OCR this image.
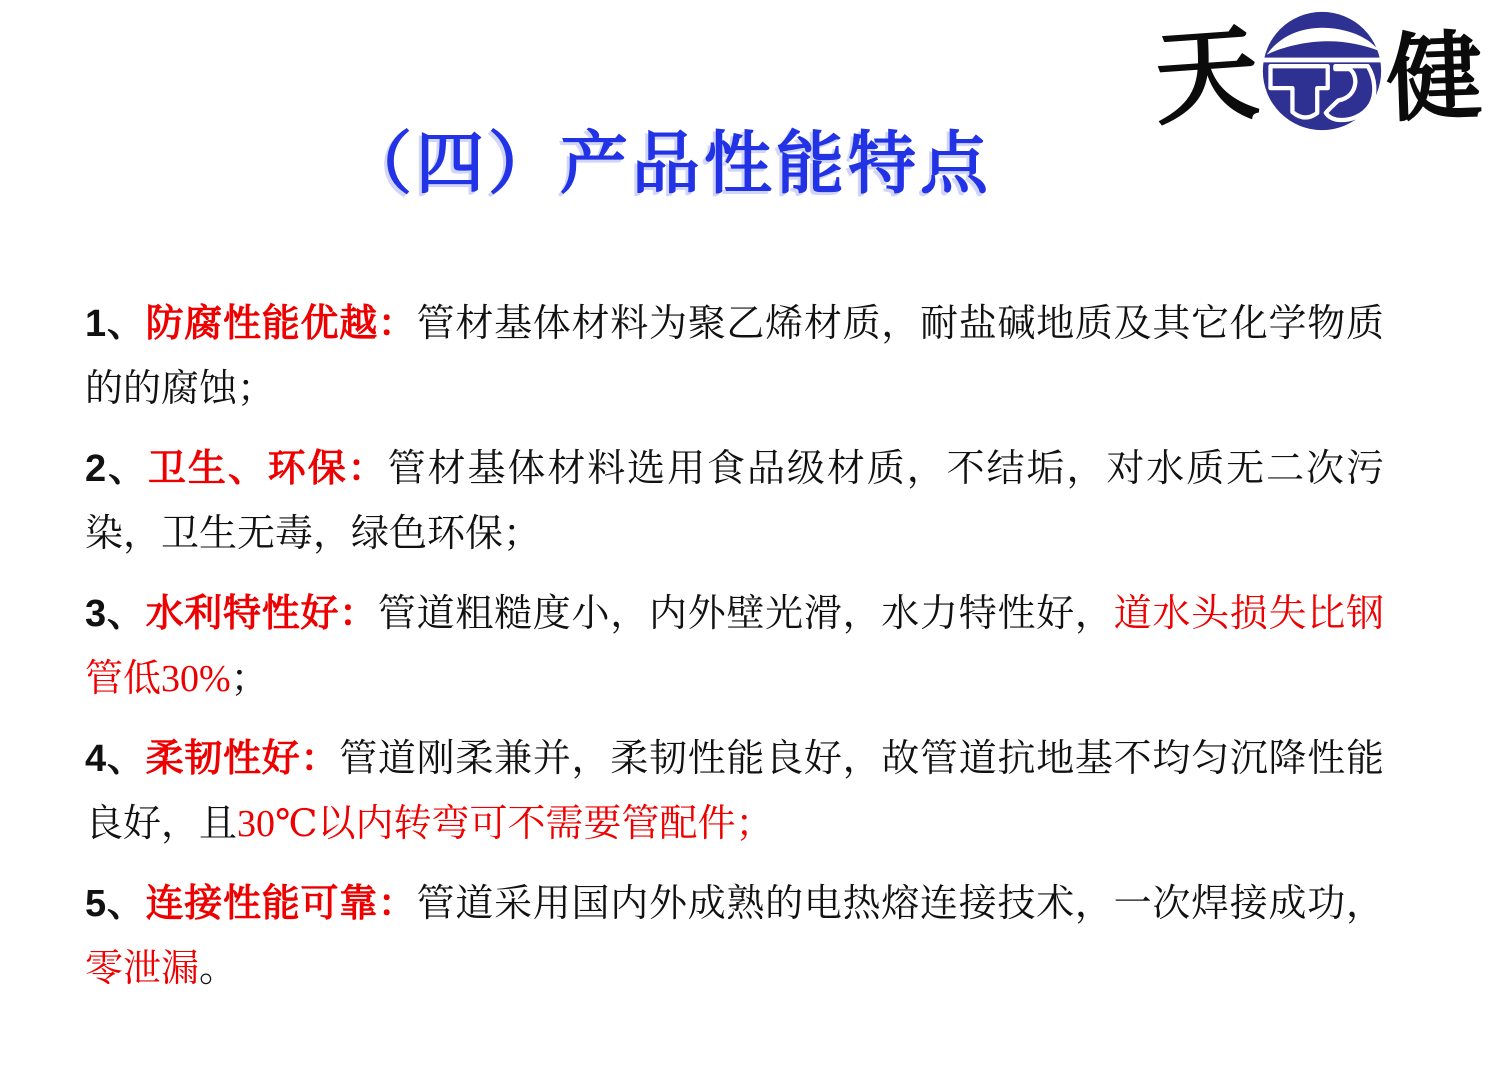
天 健
（四）产品性能特点

1、防腐性能优越：管材基体材料为聚乙烯材质，耐盐碱地质及其它化学物质的的腐蚀；

2、卫生、环保：管材基体材料选用食品级材质，不结垢，对水质无二次污染，卫生无毒，绿色环保；

3、水利特性好：管道粗糙度小，内外壁光滑，水力特性好，道水头损失比钢管低30%；

4、柔韧性好：管道刚柔兼并，柔韧性能良好，故管道抗地基不均匀沉降性能良好，且30℃以内转弯可不需要管配件；

5、连接性能可靠：管道采用国内外成熟的电热熔连接技术，一次焊接成功，零泄漏。
